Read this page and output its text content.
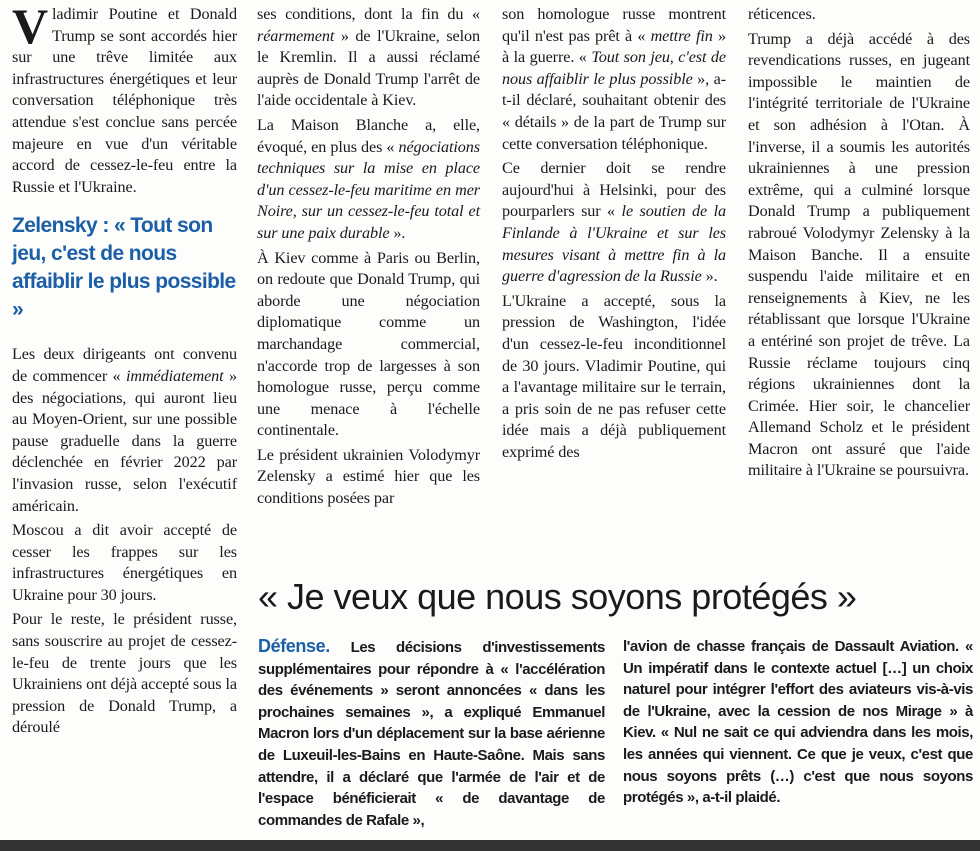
Vladimir Poutine et Donald Trump se sont accordés hier sur une trêve limitée aux infrastructures énergétiques et leur conversation téléphonique très attendue s'est conclue sans percée majeure en vue d'un véritable accord de cessez-le-feu entre la Russie et l'Ukraine.

Zelensky : « Tout son jeu, c'est de nous affaiblir le plus possible »

Les deux dirigeants ont convenu de commencer « immédiatement » des négociations, qui auront lieu au Moyen-Orient, sur une possible pause graduelle dans la guerre déclenchée en février 2022 par l'invasion russe, selon l'exécutif américain.

Moscou a dit avoir accepté de cesser les frappes sur les infrastructures énergétiques en Ukraine pour 30 jours.

Pour le reste, le président russe, sans souscrire au projet de cessez-le-feu de trente jours que les Ukrainiens ont déjà accepté sous la pression de Donald Trump, a déroulé

ses conditions, dont la fin du « réarmement » de l'Ukraine, selon le Kremlin. Il a aussi réclamé auprès de Donald Trump l'arrêt de l'aide occidentale à Kiev.

La Maison Blanche a, elle, évoqué, en plus des « négociations techniques sur la mise en place d'un cessez-le-feu maritime en mer Noire, sur un cessez-le-feu total et sur une paix durable ».

À Kiev comme à Paris ou Berlin, on redoute que Donald Trump, qui aborde une négociation diplomatique comme un marchandage commercial, n'accorde trop de largesses à son homologue russe, perçu comme une menace à l'échelle continentale.

Le président ukrainien Volodymyr Zelensky a estimé hier que les conditions posées par

son homologue russe montrent qu'il n'est pas prêt à « mettre fin » à la guerre. « Tout son jeu, c'est de nous affaiblir le plus possible », a-t-il déclaré, souhaitant obtenir des « détails » de la part de Trump sur cette conversation téléphonique.

Ce dernier doit se rendre aujourd'hui à Helsinki, pour des pourparlers sur « le soutien de la Finlande à l'Ukraine et sur les mesures visant à mettre fin à la guerre d'agression de la Russie ».

L'Ukraine a accepté, sous la pression de Washington, l'idée d'un cessez-le-feu inconditionnel de 30 jours. Vladimir Poutine, qui a l'avantage militaire sur le terrain, a pris soin de ne pas refuser cette idée mais a déjà publiquement exprimé des

réticences.

Trump a déjà accédé à des revendications russes, en jugeant impossible le maintien de l'intégrité territoriale de l'Ukraine et son adhésion à l'Otan. À l'inverse, il a soumis les autorités ukrainiennes à une pression extrême, qui a culminé lorsque Donald Trump a publiquement rabroué Volodymyr Zelensky à la Maison Banche. Il a ensuite suspendu l'aide militaire et en renseignements à Kiev, ne les rétablissant que lorsque l'Ukraine a entériné son projet de trêve. La Russie réclame toujours cinq régions ukrainiennes dont la Crimée. Hier soir, le chancelier Allemand Scholz et le président Macron ont assuré que l'aide militaire à l'Ukraine se poursuivra.

« Je veux que nous soyons protégés »
Défense. Les décisions d'investissements supplémentaires pour répondre à « l'accélération des événements » seront annoncées « dans les prochaines semaines », a expliqué Emmanuel Macron lors d'un déplacement sur la base aérienne de Luxeuil-les-Bains en Haute-Saône. Mais sans attendre, il a déclaré que l'armée de l'air et de l'espace bénéficierait « de davantage de commandes de Rafale »,
l'avion de chasse français de Dassault Aviation. « Un impératif dans le contexte actuel […] un choix naturel pour intégrer l'effort des aviateurs vis-à-vis de l'Ukraine, avec la cession de nos Mirage » à Kiev. « Nul ne sait ce qui adviendra dans les mois, les années qui viennent. Ce que je veux, c'est que nous soyons prêts (…) c'est que nous soyons protégés », a-t-il plaidé.
